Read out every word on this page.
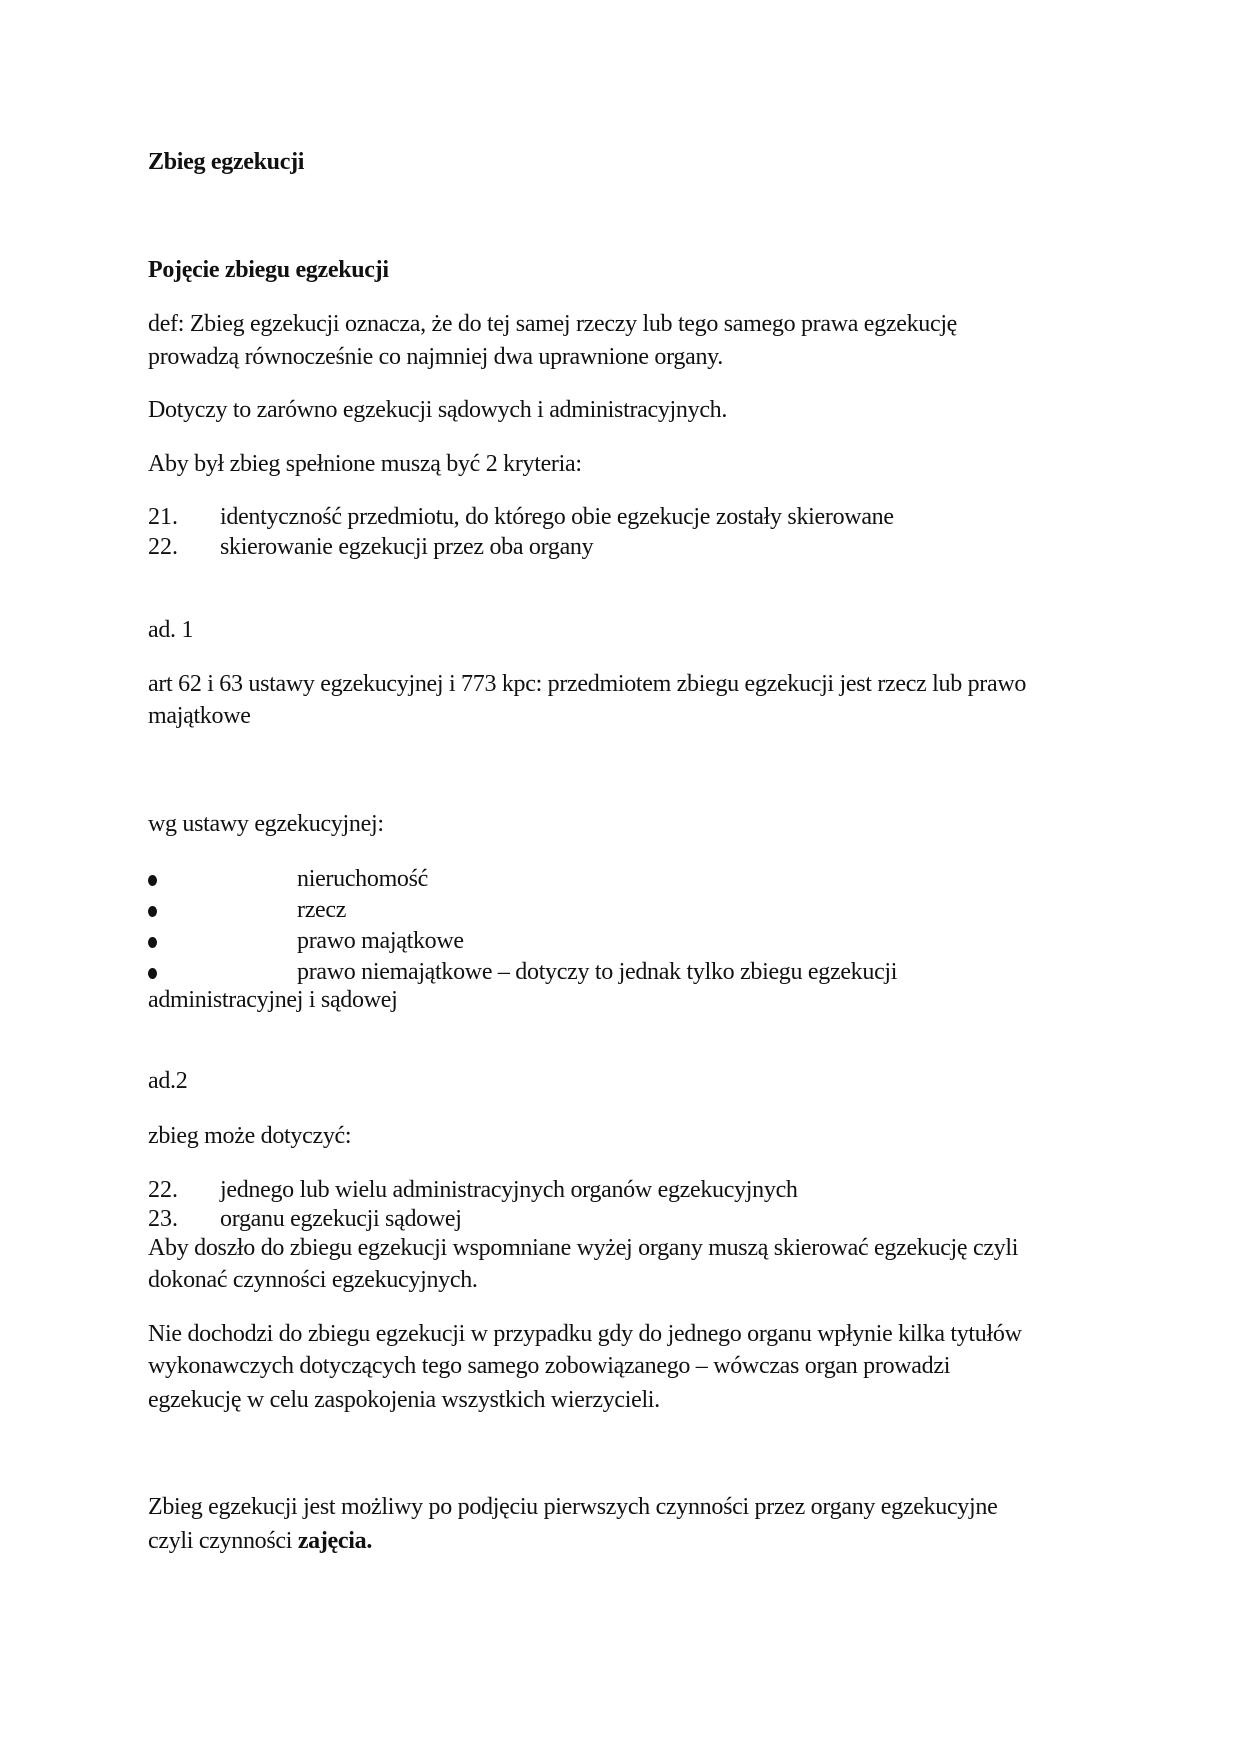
Zbieg egzekucji
Pojęcie zbiegu egzekucji
def: Zbieg egzekucji oznacza, że do tej samej rzeczy lub tego samego prawa egzekucję
prowadzą równocześnie co najmniej dwa uprawnione organy.
Dotyczy to zarówno egzekucji sądowych i administracyjnych.
Aby był zbieg spełnione muszą być 2 kryteria:
21. identyczność przedmiotu, do którego obie egzekucje zostały skierowane
22. skierowanie egzekucji przez oba organy
ad. 1
art 62 i 63 ustawy egzekucyjnej i 773 kpc: przedmiotem zbiegu egzekucji jest rzecz lub prawo
majątkowe
wg ustawy egzekucyjnej:
nieruchomość
rzecz
prawo majątkowe
prawo niemajątkowe – dotyczy to jednak tylko zbiegu egzekucji
administracyjnej i sądowej
ad.2
zbieg może dotyczyć:
22. jednego lub wielu administracyjnych organów egzekucyjnych
23. organu egzekucji sądowej
Aby doszło do zbiegu egzekucji wspomniane wyżej organy muszą skierować egzekucję czyli
dokonać czynności egzekucyjnych.
Nie dochodzi do zbiegu egzekucji w przypadku gdy do jednego organu wpłynie kilka tytułów
wykonawczych dotyczących tego samego zobowiązanego – wówczas organ prowadzi
egzekucję w celu zaspokojenia wszystkich wierzycieli.
Zbieg egzekucji jest możliwy po podjęciu pierwszych czynności przez organy egzekucyjne
czyli czynności zajęcia.
